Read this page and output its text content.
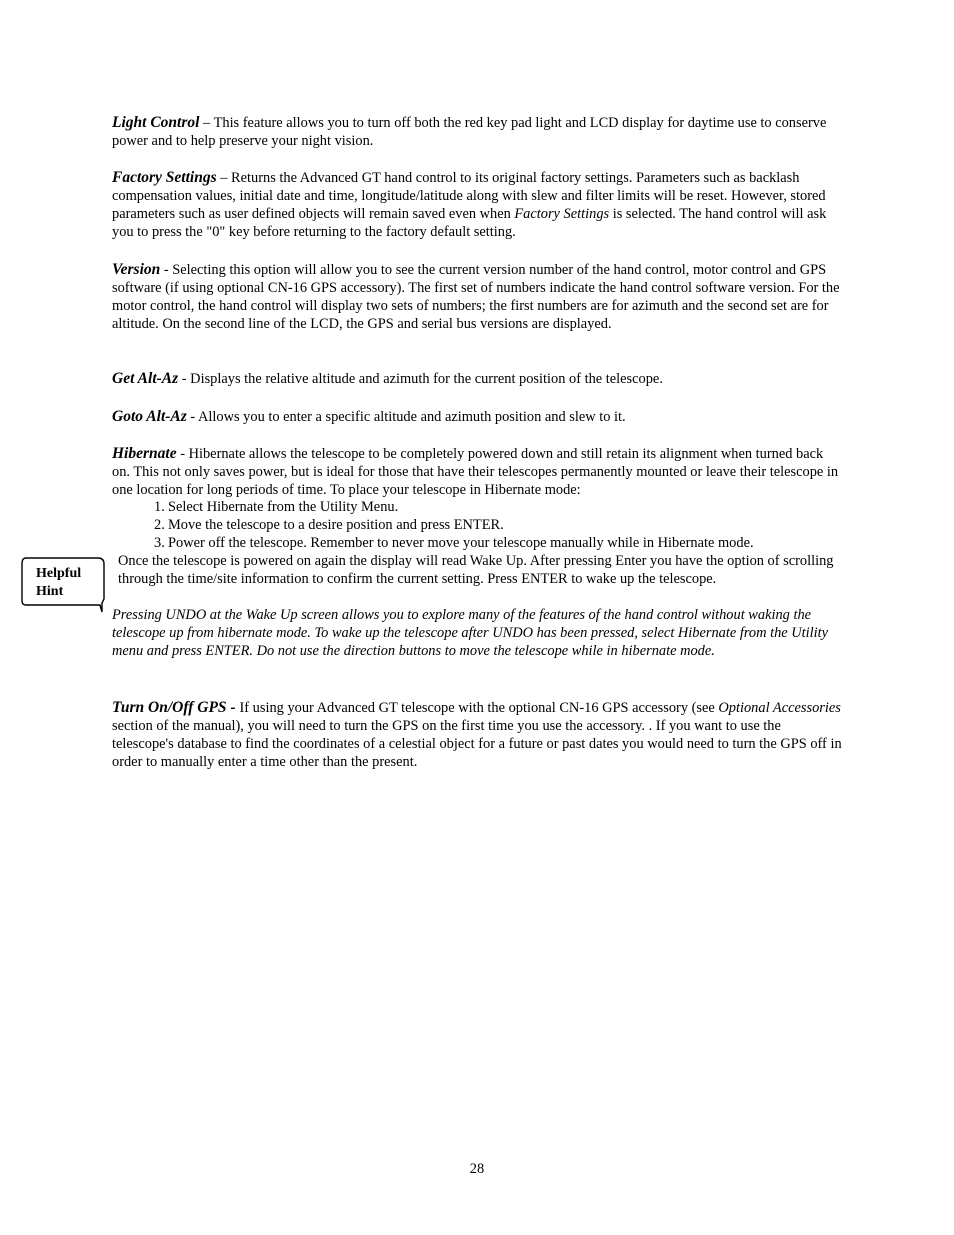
Light Control – This feature allows you to turn off both the red key pad light and LCD display for daytime use to conserve power and to help preserve your night vision.

Factory Settings – Returns the Advanced GT hand control to its original factory settings. Parameters such as backlash compensation values, initial date and time, longitude/latitude along with slew and filter limits will be reset. However, stored parameters such as user defined objects will remain saved even when Factory Settings is selected. The hand control will ask you to press the "0" key before returning to the factory default setting.

Version - Selecting this option will allow you to see the current version number of the hand control, motor control and GPS software (if using optional CN-16 GPS accessory). The first set of numbers indicate the hand control software version. For the motor control, the hand control will display two sets of numbers; the first numbers are for azimuth and the second set are for altitude. On the second line of the LCD, the GPS and serial bus versions are displayed.

Get Alt-Az - Displays the relative altitude and azimuth for the current position of the telescope.

Goto Alt-Az - Allows you to enter a specific altitude and azimuth position and slew to it.

Hibernate - Hibernate allows the telescope to be completely powered down and still retain its alignment when turned back on. This not only saves power, but is ideal for those that have their telescopes permanently mounted or leave their telescope in one location for long periods of time. To place your telescope in Hibernate mode:

1. Select Hibernate from the Utility Menu.
2. Move the telescope to a desire position and press ENTER.
3. Power off the telescope. Remember to never move your telescope manually while in Hibernate mode.

Once the telescope is powered on again the display will read Wake Up. After pressing Enter you have the option of scrolling through the time/site information to confirm the current setting. Press ENTER to wake up the telescope.

Helpful
Hint

Pressing UNDO at the Wake Up screen allows you to explore many of the features of the hand control without waking the telescope up from hibernate mode. To wake up the telescope after UNDO has been pressed, select Hibernate from the Utility menu and press ENTER. Do not use the direction buttons to move the telescope while in hibernate mode.

Turn On/Off GPS - If using your Advanced GT telescope with the optional CN-16 GPS accessory (see Optional Accessories section of the manual), you will need to turn the GPS on the first time you use the accessory. . If you want to use the telescope's database to find the coordinates of a celestial object for a future or past dates you would need to turn the GPS off in order to manually enter a time other than the present.

28
